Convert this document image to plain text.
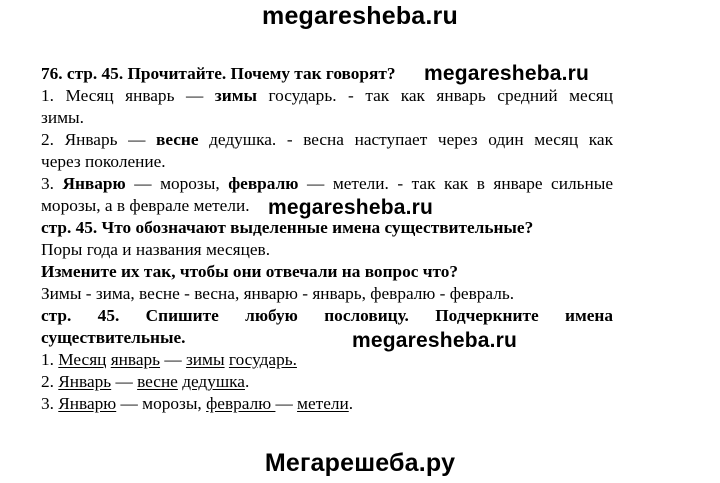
megaresheba.ru
76. стр. 45. Прочитайте. Почему так говорят?
1. Месяц январь — зимы государь. - так как январь средний месяц
зимы.
2. Январь — весне дедушка. - весна наступает через один месяц как
через поколение.
3. Январю — морозы, февралю — метели. - так как в январе сильные
морозы, а в феврале метели.
стр. 45. Что обозначают выделенные имена существительные?
Поры года и названия месяцев.
Измените их так, чтобы они отвечали на вопрос что?
Зимы - зима, весне - весна, январю - январь, февралю - февраль.
стр. 45. Спишите любую пословицу. Подчеркните имена
существительные.
1. Месяц январь — зимы государь.
2. Январь — весне дедушка.
3. Январю — морозы, февралю — метели.
megaresheba.ru
megaresheba.ru
megaresheba.ru
Мегарешеба.ру
